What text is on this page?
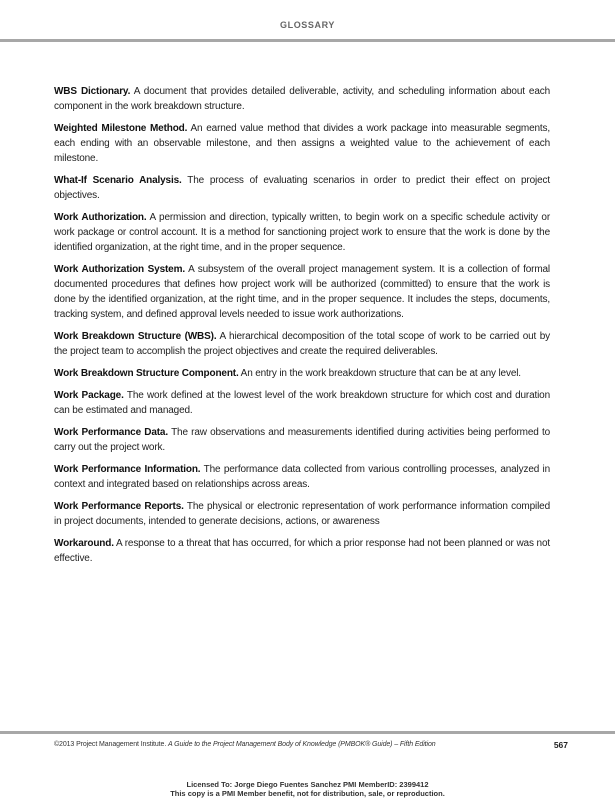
GLOSSARY

WBS Dictionary. A document that provides detailed deliverable, activity, and scheduling information about each component in the work breakdown structure.

Weighted Milestone Method. An earned value method that divides a work package into measurable segments, each ending with an observable milestone, and then assigns a weighted value to the achievement of each milestone.

What-If Scenario Analysis. The process of evaluating scenarios in order to predict their effect on project objectives.

Work Authorization. A permission and direction, typically written, to begin work on a specific schedule activity or work package or control account. It is a method for sanctioning project work to ensure that the work is done by the identified organization, at the right time, and in the proper sequence.

Work Authorization System. A subsystem of the overall project management system. It is a collection of formal documented procedures that defines how project work will be authorized (committed) to ensure that the work is done by the identified organization, at the right time, and in the proper sequence. It includes the steps, documents, tracking system, and defined approval levels needed to issue work authorizations.

Work Breakdown Structure (WBS). A hierarchical decomposition of the total scope of work to be carried out by the project team to accomplish the project objectives and create the required deliverables.

Work Breakdown Structure Component. An entry in the work breakdown structure that can be at any level.

Work Package. The work defined at the lowest level of the work breakdown structure for which cost and duration can be estimated and managed.

Work Performance Data. The raw observations and measurements identified during activities being performed to carry out the project work.

Work Performance Information. The performance data collected from various controlling processes, analyzed in context and integrated based on relationships across areas.

Work Performance Reports. The physical or electronic representation of work performance information compiled in project documents, intended to generate decisions, actions, or awareness

Workaround. A response to a threat that has occurred, for which a prior response had not been planned or was not effective.

©2013 Project Management Institute. A Guide to the Project Management Body of Knowledge (PMBOK® Guide) – Fifth Edition	567
Licensed To: Jorge Diego Fuentes Sanchez PMI MemberID: 2399412
This copy is a PMI Member benefit, not for distribution, sale, or reproduction.
